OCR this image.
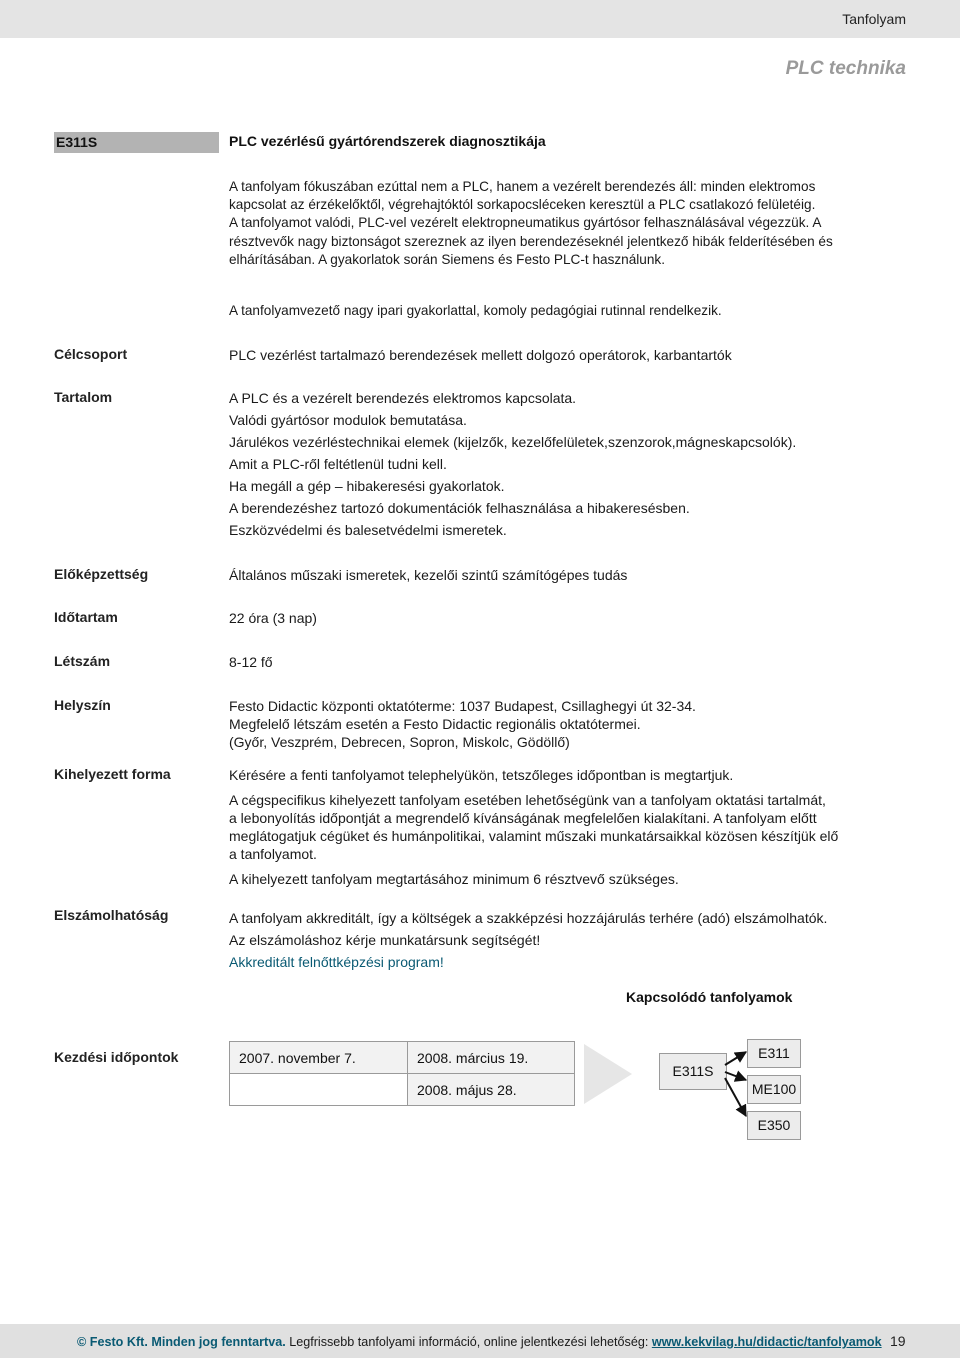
Tanfolyam
PLC technika
E311S	PLC vezérlésű gyártórendszerek diagnosztikája
A tanfolyam fókuszában ezúttal nem a PLC, hanem a vezérelt berendezés áll: minden elektromos
kapcsolat az érzékelőktől, végrehajtóktól sorkapocsléceken keresztül a PLC csatlakozó felületéig.
A tanfolyamot valódi, PLC-vel vezérelt elektropneumatikus gyártósor felhasználásával végezzük. A
résztvevők nagy biztonságot szereznek az ilyen berendezéseknél jelentkező hibák felderítésében és
elhárításában. A gyakorlatok során Siemens és Festo PLC-t használunk.
A tanfolyamvezető nagy ipari gyakorlattal, komoly pedagógiai rutinnal rendelkezik.
Célcsoport	PLC vezérlést tartalmazó berendezések mellett dolgozó operátorok, karbantartók
Tartalom	A PLC és a vezérelt berendezés elektromos kapcsolata.
Valódi gyártósor modulok bemutatása.
Járulékos vezérléstechnikai elemek (kijelzők, kezelőfelületek,szenzorok,mágneskapcsolók).
Amit a PLC-ről feltétlenül tudni kell.
Ha megáll a gép – hibakeresési gyakorlatok.
A berendezéshez tartozó dokumentációk felhasználása a hibakeresésben.
Eszközvédelmi és balesetvédelmi ismeretek.
Előképzettség	Általános műszaki ismeretek, kezelői szintű számítógépes tudás
Időtartam	22 óra (3 nap)
Létszám	8-12 fő
Helyszín	Festo Didactic központi oktatóterme: 1037 Budapest, Csillaghegyi út 32-34.
Megfelelő létszám esetén a Festo Didactic regionális oktatótermei.
(Győr, Veszprém, Debrecen, Sopron, Miskolc, Gödöllő)
Kihelyezett forma	Kérésére a fenti tanfolyamot telephelyükön, tetszőleges időpontban is megtartjuk.
A cégspecifikus kihelyezett tanfolyam esetében lehetőségünk van a tanfolyam oktatási tartalmát,
a lebonyolítás időpontját a megrendelő kívánságának megfelelően kialakítani. A tanfolyam előtt
meglátogatjuk cégüket és humánpolitikai, valamint műszaki munkatársaikkal közösen készítjük elő
a tanfolyamot.
A kihelyezett tanfolyam megtartásához minimum 6 résztvevő szükséges.
Elszámolhatóság	A tanfolyam akkreditált, így a költségek a szakképzési hozzájárulás terhére (adó) elszámolhatók.
Az elszámoláshoz kérje munkatársunk segítségét!
Akkreditált felnőttképzési program!
Kapcsolódó tanfolyamok
Kezdési időpontok	2007. november 7.	2008. március 19.
	2008. május 28.
E311S
E311
ME100
E350
© Festo Kft. Minden jog fenntartva. Legfrissebb tanfolyami információ, online jelentkezési lehetőség: www.kekvilag.hu/didactic/tanfolyamok 19
